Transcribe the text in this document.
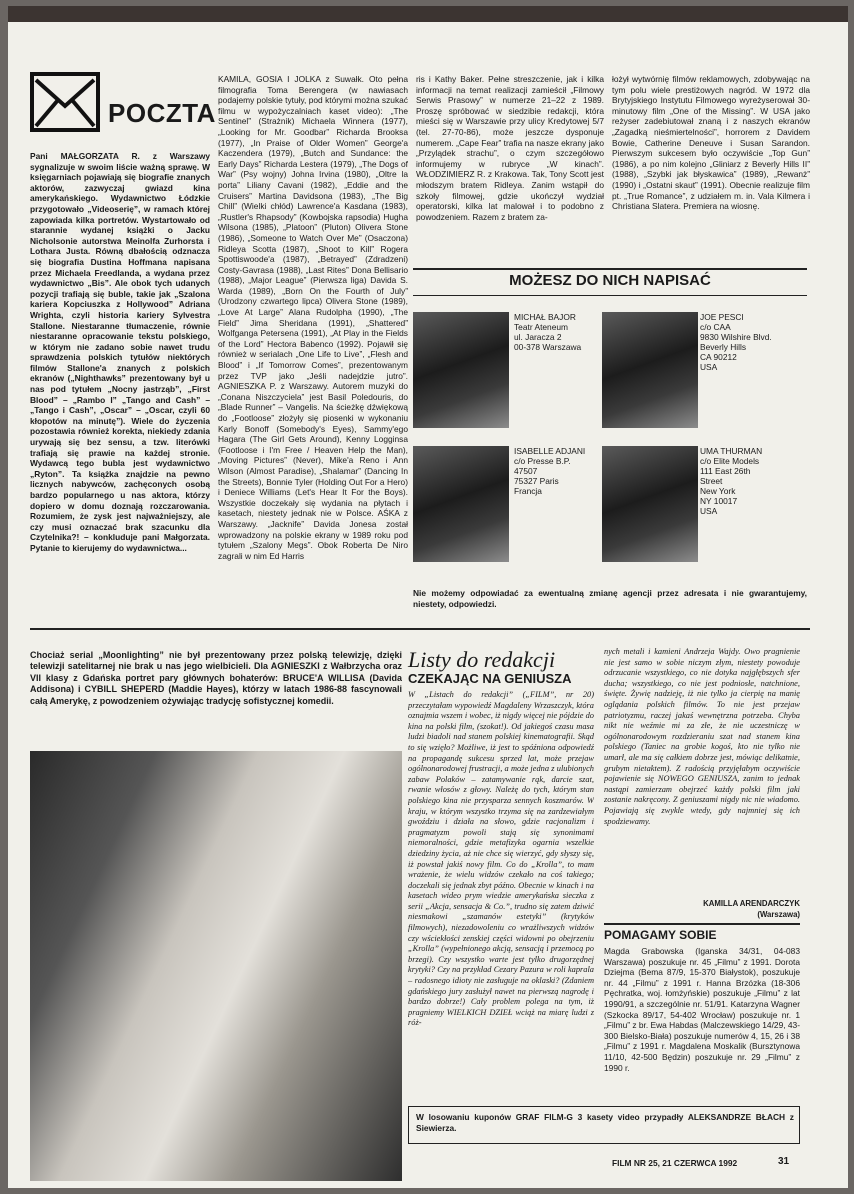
POCZTA

Pani MAŁGORZATA R. z Warszawy sygnalizuje w swoim liście ważną sprawę. W księgarniach pojawiają się biografie znanych aktorów, zazwyczaj gwiazd kina amerykańskiego. Wydawnictwo Łódzkie przygotowało „Videoserię”, w ramach której zapowiada kilka portretów. Wystartowało od starannie wydanej książki o Jacku Nicholsonie autorstwa Meinolfa Zurhorsta i Lothara Justa. Równą dbałością odznacza się biografia Dustina Hoffmana napisana przez Michaela Freedlanda, a wydana przez wydawnictwo „Bis”. Ale obok tych udanych pozycji trafiają się buble, takie jak „Szalona kariera Kopciuszka z Hollywood” Adriana Wrighta, czyli historia kariery Sylvestra Stallone. Niestaranne tłumaczenie, równie niestaranne opracowanie tekstu polskiego, w którym nie zadano sobie nawet trudu sprawdzenia polskich tytułów niektórych filmów Stallone'a znanych z polskich ekranów („Nighthawks” prezentowany był u nas pod tytułem „Nocny jastrząb”, „First Blood” – „Rambo I” „Tango and Cash” – „Tango i Cash”, „Oscar” – „Oscar, czyli 60 kłopotów na minutę”). Wiele do życzenia pozostawia również korekta, niekiedy zdania urywają się bez sensu, a tzw. literówki trafiają się prawie na każdej stronie. Wydawcą tego bubla jest wydawnictwo „Ryton”. Ta książka znajdzie na pewno licznych nabywców, zachęconych osobą bardzo popularnego u nas aktora, którzy dopiero w domu doznają rozczarowania. Rozumiem, że zysk jest najważniejszy, ale czy musi oznaczać brak szacunku dla Czytelnika?! – konkluduje pani Małgorzata. Pytanie to kierujemy do wydawnictwa...

KAMILA, GOSIA I JOLKA z Suwałk. Oto pełna filmografia Toma Berengera (w nawiasach podajemy polskie tytuły, pod którymi można szukać filmu w wypożyczalniach kaset video): „The Sentinel” (Strażnik) Michaela Winnera (1977), „Looking for Mr. Goodbar” Richarda Brooksa (1977), „In Praise of Older Women” George'a Kaczendera (1979), „Butch and Sundance: the Early Days” Richarda Lestera (1979), „The Dogs of War” (Psy wojny) Johna Irvina (1980), „Oltre la porta” Liliany Cavani (1982), „Eddie and the Cruisers” Martina Davidsona (1983), „The Big Chill” (Wielki chłód) Lawrence'a Kasdana (1983), „Rustler's Rhapsody” (Kowbojska rapsodia) Hugha Wilsona (1985), „Platoon” (Pluton) Olivera Stone (1986), „Someone to Watch Over Me” (Osaczona) Ridleya Scotta (1987), „Shoot to Kill” Rogera Spottiswoode'a (1987), „Betrayed” (Zdradzeni) Costy-Gavrasa (1988), „Last Rites” Dona Bellisario (1988), „Major League” (Pierwsza liga) Davida S. Warda (1989), „Born On the Fourth of July” (Urodzony czwartego lipca) Olivera Stone (1989), „Love At Large” Alana Rudolpha (1990), „The Field” Jima Sheridana (1991), „Shattered” Wolfganga Petersena (1991), „At Play in the Fields of the Lord” Hectora Babenco (1992). Pojawił się również w serialach „One Life to Live”, „Flesh and Blood” i „If Tomorrow Comes”, prezentowanym przez TVP jako „Jeśli nadejdzie jutro”. AGNIESZKA P. z Warszawy. Autorem muzyki do „Conana Niszczyciela” jest Basil Poledouris, do „Blade Runner” – Vangelis. Na ścieżkę dźwiękową do „Footloose” złożyły się piosenki w wykonaniu Karly Bonoff (Somebody's Eyes), Sammy'ego Hagara (The Girl Gets Around), Kenny Logginsa (Footloose i I'm Free / Heaven Help the Man), „Moving Pictures” (Never), Mike'a Reno i Ann Wilson (Almost Paradise), „Shalamar” (Dancing In the Streets), Bonnie Tyler (Holding Out For a Hero) i Deniece Williams (Let's Hear It For the Boys). Wszystkie doczekały się wydania na płytach i kasetach, niestety jednak nie w Polsce. AŚKA z Warszawy. „Jacknife” Davida Jonesa został wprowadzony na polskie ekrany w 1989 roku pod tytułem „Szalony Megs”. Obok Roberta De Niro zagrali w nim Ed Harris

ris i Kathy Baker. Pełne streszczenie, jak i kilka informacji na temat realizacji zamieścił „Filmowy Serwis Prasowy” w numerze 21–22 z 1989. Proszę spróbować w siedzibie redakcji, która mieści się w Warszawie przy ulicy Kredytowej 5/7 (tel. 27-70-86), może jeszcze dysponuje numerem. „Cape Fear” trafia na nasze ekrany jako „Przylądek strachu”, o czym szczegółowo informujemy w rubryce „W kinach”. WŁODZIMIERZ R. z Krakowa. Tak, Tony Scott jest młodszym bratem Ridleya. Zanim wstąpił do szkoły filmowej, gdzie ukończył wydział operatorski, kilka lat malował i to podobno z powodzeniem. Razem z bratem za-

łożył wytwórnię filmów reklamowych, zdobywając na tym polu wiele prestiżowych nagród. W 1972 dla Brytyjskiego Instytutu Filmowego wyreżyserował 30-minutowy film „One of the Missing”. W USA jako reżyser zadebiutował znaną i z naszych ekranów „Zagadką nieśmiertelności”, horrorem z Davidem Bowie, Catherine Deneuve i Susan Sarandon. Pierwszym sukcesem było oczywiście „Top Gun” (1986), a po nim kolejno „Gliniarz z Beverly Hills II” (1988), „Szybki jak błyskawica” (1989), „Rewanż” (1990) i „Ostatni skaut” (1991). Obecnie realizuje film pt. „True Romance”, z udziałem m. in. Vala Kilmera i Christiana Slatera. Premiera na wiosnę.

MOŻESZ DO NICH NAPISAĆ
MICHAŁ BAJOR
Teatr Ateneum
ul. Jaracza 2
00-378 Warszawa
JOE PESCI
c/o CAA
9830 Wilshire Blvd.
Beverly Hills
CA 90212
USA
ISABELLE ADJANI
c/o Presse B.P.
47507
75327 Paris
Francja
UMA THURMAN
c/o Elite Models
111 East 26th
Street
New York
NY 10017
USA

Nie możemy odpowiadać za ewentualną zmianę agencji przez adresata i nie gwarantujemy, niestety, odpowiedzi.

Chociaż serial „Moonlighting” nie był prezentowany przez polską telewizję, dzięki telewizji satelitarnej nie brak u nas jego wielbicieli. Dla AGNIESZKI z Wałbrzycha oraz VII klasy z Gdańska portret pary głównych bohaterów: BRUCE'A WILLISA (Davida Addisona) i CYBILL SHEPERD (Maddie Hayes), którzy w latach 1986-88 fascynowali całą Amerykę, z powodzeniem ożywiając tradycję sofistycznej komedii.

Listy do redakcji
CZEKAJĄC NA GENIUSZA

W „Listach do redakcji” („FILM”, nr 20) przeczytałam wypowiedź Magdaleny Wrzaszczyk, która oznajmia wszem i wobec, iż nigdy więcej nie pójdzie do kina na polski film, (szokat!). Od jakiegoś czasu masa ludzi biadoli nad stanem polskiej kinematografii. Skąd to się wzięło? Możliwe, iż jest to spóźniona odpowiedź na propagandę sukcesu sprzed lat, może przejaw ogólnonarodowej frustracji, a może jedna z ulubionych zabaw Polaków – zatamywanie rąk, darcie szat, rwanie włosów z głowy. Należę do tych, którym stan polskiego kina nie przysparza sennych koszmarów. W kraju, w którym wszystko trzyma się na zardzewiałym gwoździu i działa na słowo, gdzie racjonalizm i pragmatyzm powoli stają się synonimami niemoralności, gdzie metafizyka ogarnia wszelkie dziedziny życia, aż nie chce się wierzyć, gdy słyszy się, iż powstał jakiś nowy film. Co do „Krolla”, to mam wrażenie, że wielu widzów czekało na coś takiego; doczekali się jednak zbyt późno. Obecnie w kinach i na kasetach wideo prym wiedzie amerykańska sieczka z serii „Akcja, sensacja & Co.”, trudno się zatem dziwić niesmakowi „szamanów estetyki” (krytyków filmowych), niezadowoleniu co wrażliwszych widzów czy wściekłości zenskiej części widowni po obejrzeniu „Krolla” (wypełnionego akcją, sensacją i przemocą po brzegi). Czy wszystko warte jest tylko drugorzędnej krytyki? Czy na przykład Cezary Pazura w roli kaprala – radosnego idioty nie zasługuje na oklaski? (Zdaniem gdańskiego jury zasłużył nawet na pierwszą nagrodę i bardzo dobrze!) Cały problem polega na tym, iż pragniemy WIELKICH DZIEŁ wciąż na miarę ludzi z róż-

nych metali i kamieni Andrzeja Wajdy. Owo pragnienie nie jest samo w sobie niczym złym, niestety powoduje odrzucanie wszystkiego, co nie dotyka najgłębszych sfer ducha; wszystkiego, co nie jest podniosłe, natchnione, święte. Żywię nadzieję, iż nie tylko ja cierpię na manię oglądania polskich filmów. To nie jest przejaw patriotyzmu, raczej jakaś wewnętrzna potrzeba. Chyba nikt nie weźmie mi za złe, że nie uczestniczę w ogólnonarodowym rozdzieraniu szat nad stanem kina polskiego (Taniec na grobie kogoś, kto nie tylko nie umarł, ale ma się całkiem dobrze jest, mówiąc delikatnie, grubym nietaktem). Z radością przyjęłabym oczywiście pojawienie się NOWEGO GENIUSZA, zanim to jednak nastąpi zamierzam obejrzeć każdy polski film jaki zostanie nakręcony. Z geniuszami nigdy nic nie wiadomo. Pojawiają się zwykle wtedy, gdy najmniej się ich spodziewamy.

KAMILLA ARENDARCZYK
(Warszawa)
POMAGAMY SOBIE

Magda Grabowska (Iganska 34/31, 04-083 Warszawa) poszukuje nr. 45 „Filmu” z 1991. Dorota Dziejma (Bema 87/9, 15-370 Białystok), poszukuje nr. 44 „Filmu” z 1991 r. Hanna Brzózka (18-306 Pęchratka, woj. łomżyńskie) poszukuje „Filmu” z lat 1990/91, a szczególnie nr. 51/91. Katarzyna Wagner (Szkocka 89/17, 54-402 Wrocław) poszukuje nr. 1 „Filmu” z br. Ewa Habdas (Malczewskiego 14/29, 43-300 Bielsko-Biała) poszukuje numerów 4, 15, 26 i 38 „Filmu” z 1991 r. Magdalena Moskalik (Bursztynowa 11/10, 42-500 Będzin) poszukuje nr. 29 „Filmu” z 1990 r.

W losowaniu kuponów GRAF FILM-G 3 kasety video przypadły ALEKSANDRZE BŁACH z Siewierza.

FILM NR 25, 21 CZERWCA 1992	31
